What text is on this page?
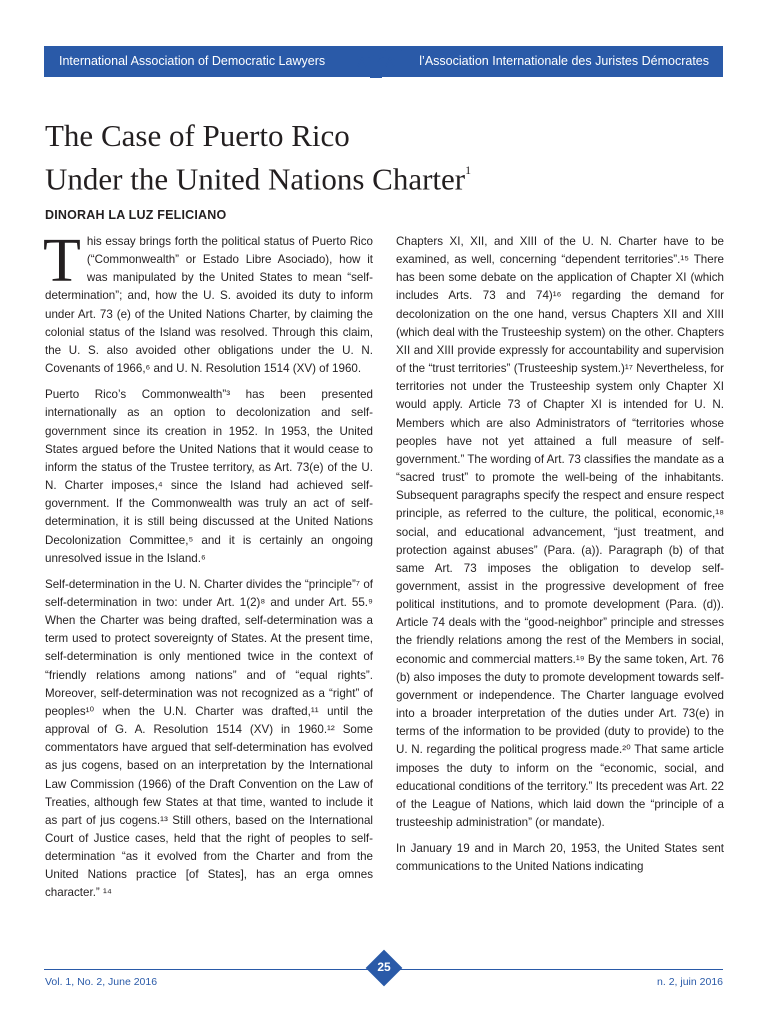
International Association of Democratic Lawyers	l’Association Internationale des Juristes Démocrates
The Case of Puerto Rico
Under the United Nations Charter$^1$
DINORAH LA LUZ FELICIANO

This essay brings forth the political status of Puerto Rico (“Commonwealth” or Estado Libre Asociado), how it was manipulated by the United States to mean “self-determination”; and, how the U. S. avoided its duty to inform under Art. 73 (e) of the United Nations Charter, by claiming the colonial status of the Island was resolved. Through this claim, the U. S. also avoided other obligations under the U. N. Covenants of 1966,⁶ and U. N. Resolution 1514 (XV) of 1960.

Puerto Rico’s Commonwealth”³ has been presented internationally as an option to decolonization and self-government since its creation in 1952. In 1953, the United States argued before the United Nations that it would cease to inform the status of the Trustee territory, as Art. 73(e) of the U. N. Charter imposes,⁴ since the Island had achieved self-government. If the Commonwealth was truly an act of self-determination, it is still being discussed at the United Nations Decolonization Committee,⁵ and it is certainly an ongoing unresolved issue in the Island.⁶

Self-determination in the U. N. Charter divides the “principle”⁷ of self-determination in two: under Art. 1(2)⁸ and under Art. 55.⁹ When the Charter was being drafted, self-determination was a term used to protect sovereignty of States. At the present time, self-determination is only mentioned twice in the context of “friendly relations among nations” and of “equal rights”. Moreover, self-determination was not recognized as a “right” of peoples¹⁰ when the U.N. Charter was drafted,¹¹ until the approval of G. A. Resolution 1514 (XV) in 1960.¹² Some commentators have argued that self-determination has evolved as jus cogens, based on an interpretation by the International Law Commission (1966) of the Draft Convention on the Law of Treaties, although few States at that time, wanted to include it as part of jus cogens.¹³ Still others, based on the International Court of Justice cases, held that the right of peoples to self-determination “as it evolved from the Charter and from the United Nations practice [of States], has an erga omnes character.” ¹⁴

Chapters XI, XII, and XIII of the U. N. Charter have to be examined, as well, concerning “dependent territories”.¹⁵ There has been some debate on the application of Chapter XI (which includes Arts. 73 and 74)¹⁶ regarding the demand for decolonization on the one hand, versus Chapters XII and XIII (which deal with the Trusteeship system) on the other. Chapters XII and XIII provide expressly for accountability and supervision of the “trust territories” (Trusteeship system.)¹⁷ Nevertheless, for territories not under the Trusteeship system only Chapter XI would apply. Article 73 of Chapter XI is intended for U. N. Members which are also Administrators of “territories whose peoples have not yet attained a full measure of self-government.” The wording of Art. 73 classifies the mandate as a “sacred trust” to promote the well-being of the inhabitants. Subsequent paragraphs specify the respect and ensure respect principle, as referred to the culture, the political, economic,¹⁸ social, and educational advancement, “just treatment, and protection against abuses” (Para. (a)). Paragraph (b) of that same Art. 73 imposes the obligation to develop self-government, assist in the progressive development of free political institutions, and to promote development (Para. (d)). Article 74 deals with the “good-neighbor” principle and stresses the friendly relations among the rest of the Members in social, economic and commercial matters.¹⁹ By the same token, Art. 76 (b) also imposes the duty to promote development towards self-government or independence. The Charter language evolved into a broader interpretation of the duties under Art. 73(e) in terms of the information to be provided (duty to provide) to the U. N. regarding the political progress made.²⁰ That same article imposes the duty to inform on the “economic, social, and educational conditions of the territory.” Its precedent was Art. 22 of the League of Nations, which laid down the “principle of a trusteeship administration” (or mandate).

In January 19 and in March 20, 1953, the United States sent communications to the United Nations indicating

Vol. 1, No. 2, June 2016
25
n. 2, juin 2016
